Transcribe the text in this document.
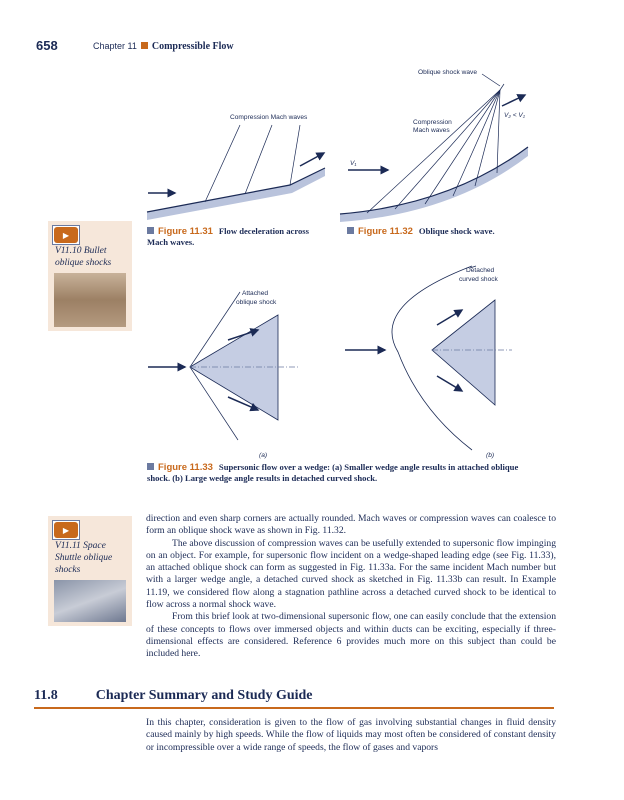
658	Chapter 11 Compressible Flow
Compression Mach waves
Oblique shock wave
V₂ < V₁
Compression
Mach waves
V₁
Attached
oblique shock
(a)
Detached
curved shock
(b)
Figure 11.31 Flow deceleration across Mach waves.
Figure 11.32 Oblique shock wave.
Figure 11.33 Supersonic flow over a wedge: (a) Smaller wedge angle results in attached oblique shock. (b) Large wedge angle results in detached curved shock.
▶
V11.10 Bullet oblique shocks
▶
V11.11 Space Shuttle oblique shocks

direction and even sharp corners are actually rounded. Mach waves or compression waves can coalesce to form an oblique shock wave as shown in Fig. 11.32.

The above discussion of compression waves can be usefully extended to supersonic flow impinging on an object. For example, for supersonic flow incident on a wedge-shaped leading edge (see Fig. 11.33), an attached oblique shock can form as suggested in Fig. 11.33a. For the same incident Mach number but with a larger wedge angle, a detached curved shock as sketched in Fig. 11.33b can result. In Example 11.19, we considered flow along a stagnation pathline across a detached curved shock to be identical to flow across a normal shock wave.

From this brief look at two-dimensional supersonic flow, one can easily conclude that the extension of these concepts to flows over immersed objects and within ducts can be exciting, especially if three-dimensional effects are considered. Reference 6 provides much more on this subject than could be included here.

11.8	Chapter Summary and Study Guide
In this chapter, consideration is given to the flow of gas involving substantial changes in fluid density caused mainly by high speeds. While the flow of liquids may most often be considered of constant density or incompressible over a wide range of speeds, the flow of gases and vapors
